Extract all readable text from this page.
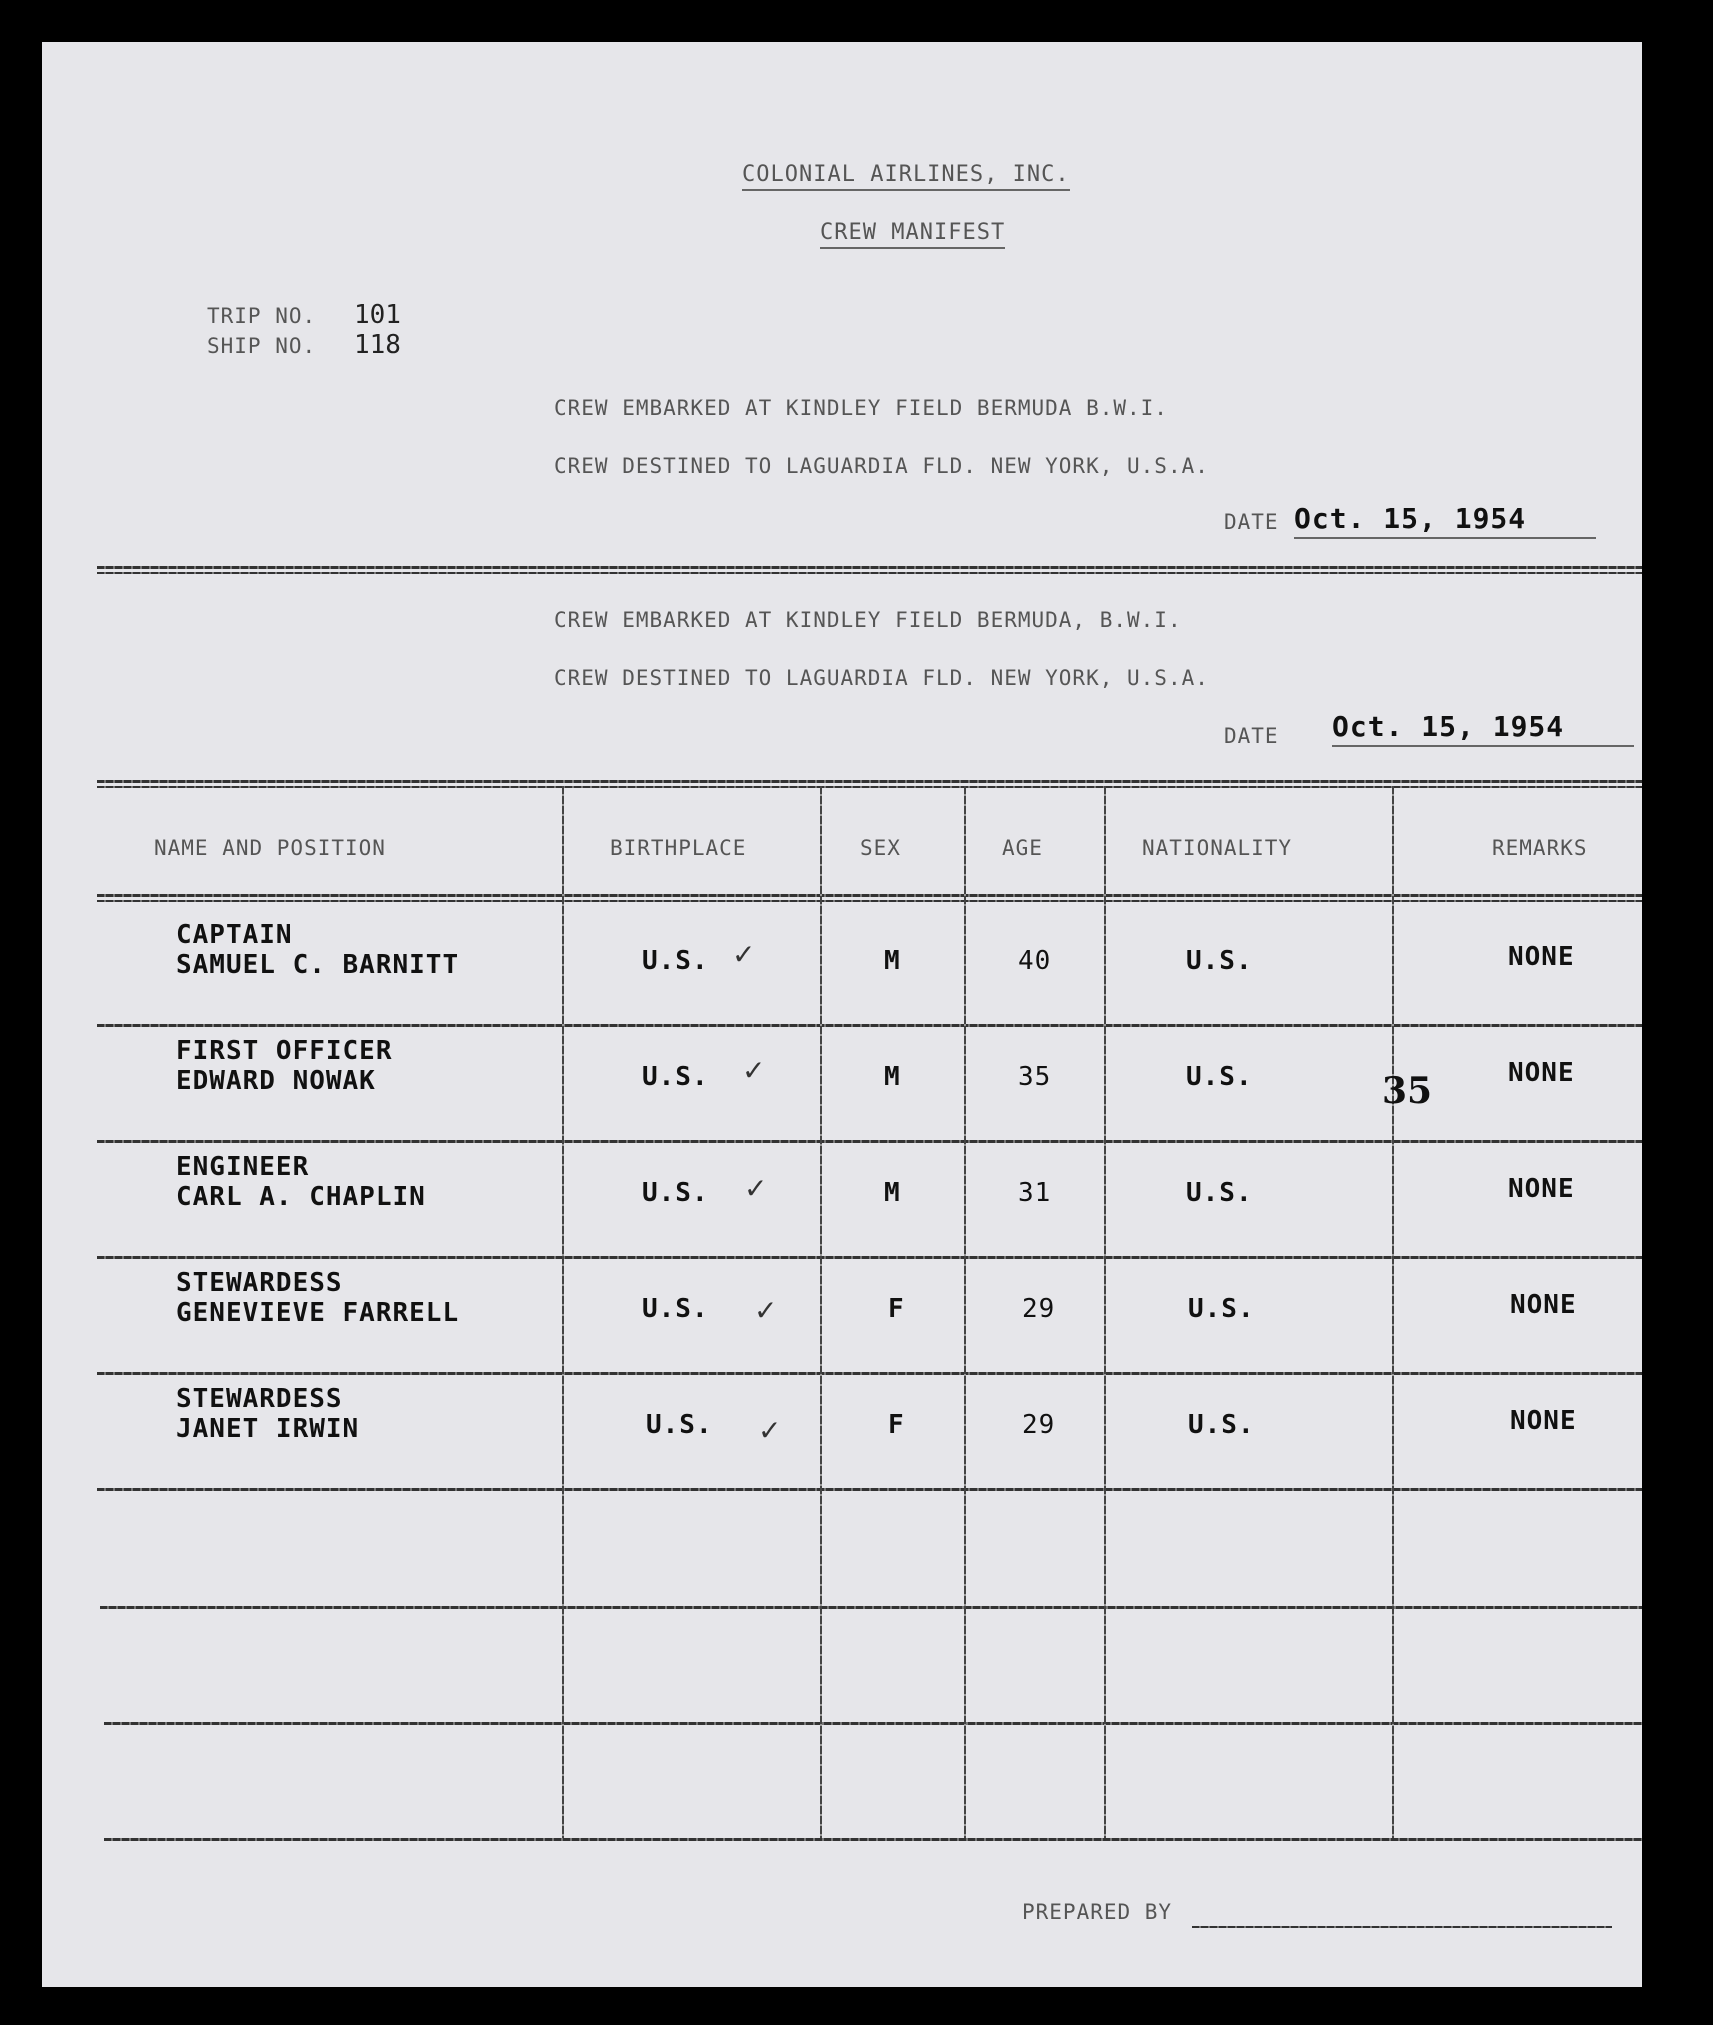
COLONIAL AIRLINES, INC.
CREW MANIFEST
TRIP NO. 101
SHIP NO. 118
CREW EMBARKED AT KINDLEY FIELD BERMUDA B.W.I.
CREW DESTINED TO LAGUARDIA FLD. NEW YORK, U.S.A.
DATE Oct. 15, 1954
CREW EMBARKED AT KINDLEY FIELD BERMUDA, B.W.I.
CREW DESTINED TO LAGUARDIA FLD. NEW YORK, U.S.A.
DATE Oct. 15, 1954
NAME AND POSITION	BIRTHPLACE	SEX	AGE	NATIONALITY	REMARKS
CAPTAIN
SAMUEL C. BARNITT	U.S. ✓	M	40	U.S.	NONE
FIRST OFFICER
EDWARD NOWAK	U.S. ✓	M	35	U.S.	NONE
ENGINEER
CARL A. CHAPLIN	U.S. ✓	M	31	U.S.	NONE
STEWARDESS
GENEVIEVE FARRELL	U.S. ✓	F	29	U.S.	NONE
STEWARDESS
JANET IRWIN	U.S. ✓	F	29	U.S.	NONE
35
PREPARED BY
